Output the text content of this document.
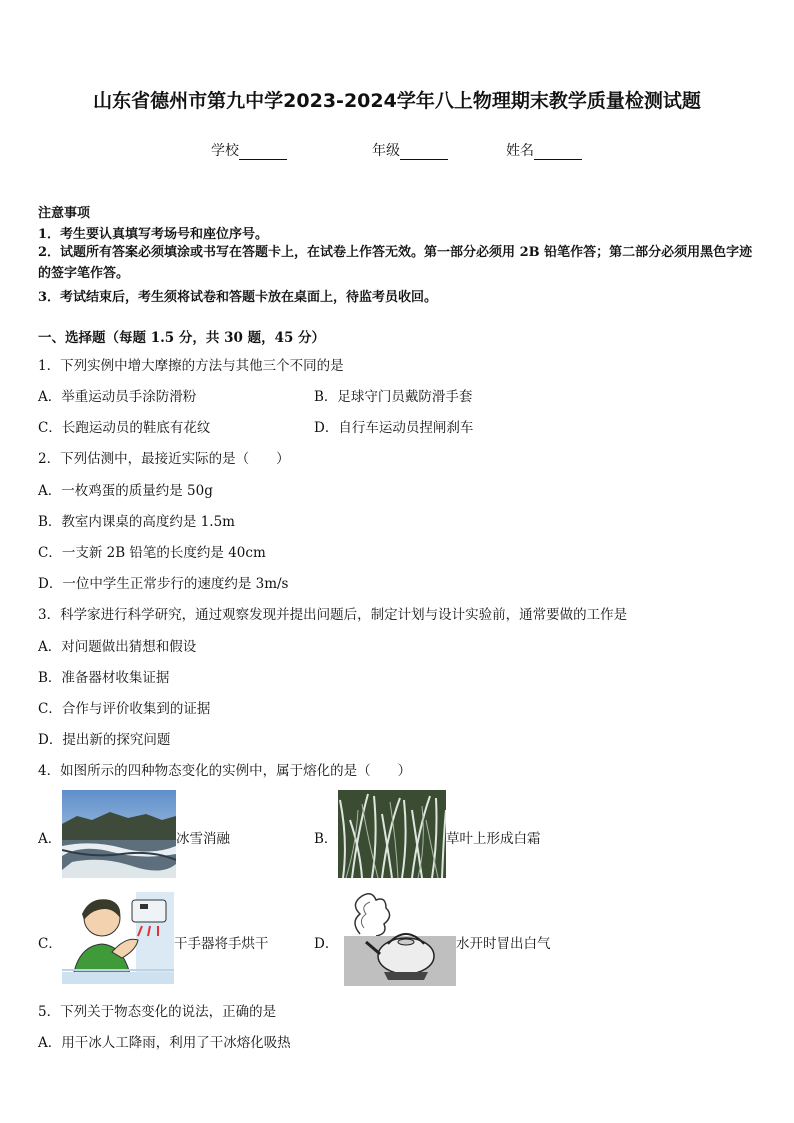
山东省德州市第九中学2023-2024学年八上物理期末教学质量检测试题
学校	年级	姓名
注意事项
1．考生要认真填写考场号和座位序号。
2．试题所有答案必须填涂或书写在答题卡上，在试卷上作答无效。第一部分必须用 2B 铅笔作答；第二部分必须用黑色字迹的签字笔作答。
3．考试结束后，考生须将试卷和答题卡放在桌面上，待监考员收回。
一、选择题（每题 1.5 分，共 30 题，45 分）
1．下列实例中增大摩擦的方法与其他三个不同的是
A．举重运动员手涂防滑粉	B．足球守门员戴防滑手套
C．长跑运动员的鞋底有花纹	D．自行车运动员捏闸刹车
2．下列估测中，最接近实际的是（　　）
A．一枚鸡蛋的质量约是 50g
B．教室内课桌的高度约是 1.5m
C．一支新 2B 铅笔的长度约是 40cm
D．一位中学生正常步行的速度约是 3m/s
3．科学家进行科学研究，通过观察发现并提出问题后，制定计划与设计实验前，通常要做的工作是
A．对问题做出猜想和假设
B．准备器材收集证据
C．合作与评价收集到的证据
D．提出新的探究问题
4．如图所示的四种物态变化的实例中，属于熔化的是（　　）
A．	冰雪消融	B．	草叶上形成白霜
C．	干手器将手烘干	D．	水开时冒出白气
5．下列关于物态变化的说法，正确的是
A．用干冰人工降雨，利用了干冰熔化吸热
